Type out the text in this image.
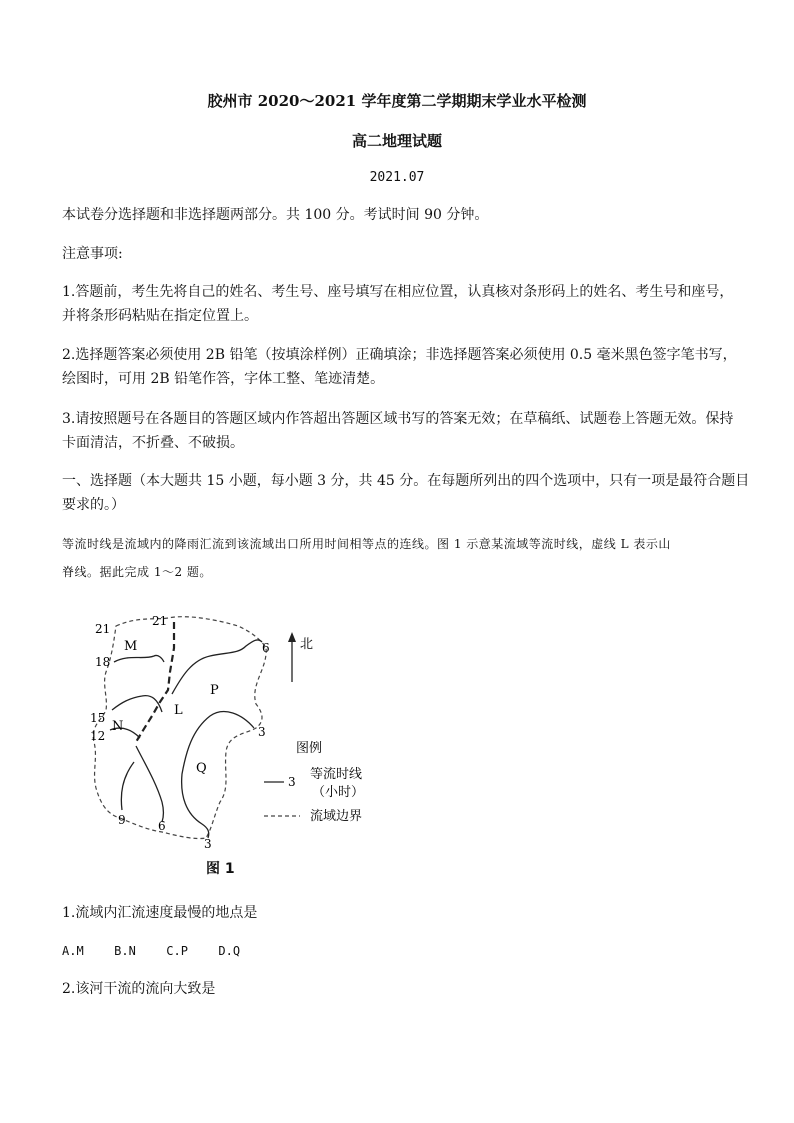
胶州市 2020～2021 学年度第二学期期末学业水平检测
高二地理试题
2021.07
本试卷分选择题和非选择题两部分。共 100 分。考试时间 90 分钟。
注意事项:
1.答题前，考生先将自己的姓名、考生号、座号填写在相应位置，认真核对条形码上的姓名、考生号和座号，
并将条形码粘贴在指定位置上。
2.选择题答案必须使用 2B 铅笔（按填涂样例）正确填涂；非选择题答案必须使用 0.5 毫米黑色签字笔书写，
绘图时，可用 2B 铅笔作答，字体工整、笔迹清楚。
3.请按照题号在各题目的答题区域内作答超出答题区域书写的答案无效；在草稿纸、试题卷上答题无效。保持
卡面清洁，不折叠、不破损。
一、选择题（本大题共 15 小题，每小题 3 分，共 45 分。在每题所列出的四个选项中，只有一项是最符合题目
要求的。）
等流时线是流域内的降雨汇流到该流域出口所用时间相等点的连线。图 1 示意某流域等流时线，虚线 L 表示山
脊线。据此完成 1～2 题。
21
21
18
15
12
9	6
6
3
3
M
N
P
Q
L
北
图例
3 等流时线
（小时）
流域边界
图 1
1.流域内汇流速度最慢的地点是
A.M	B.N	C.P	D.Q
2.该河干流的流向大致是
